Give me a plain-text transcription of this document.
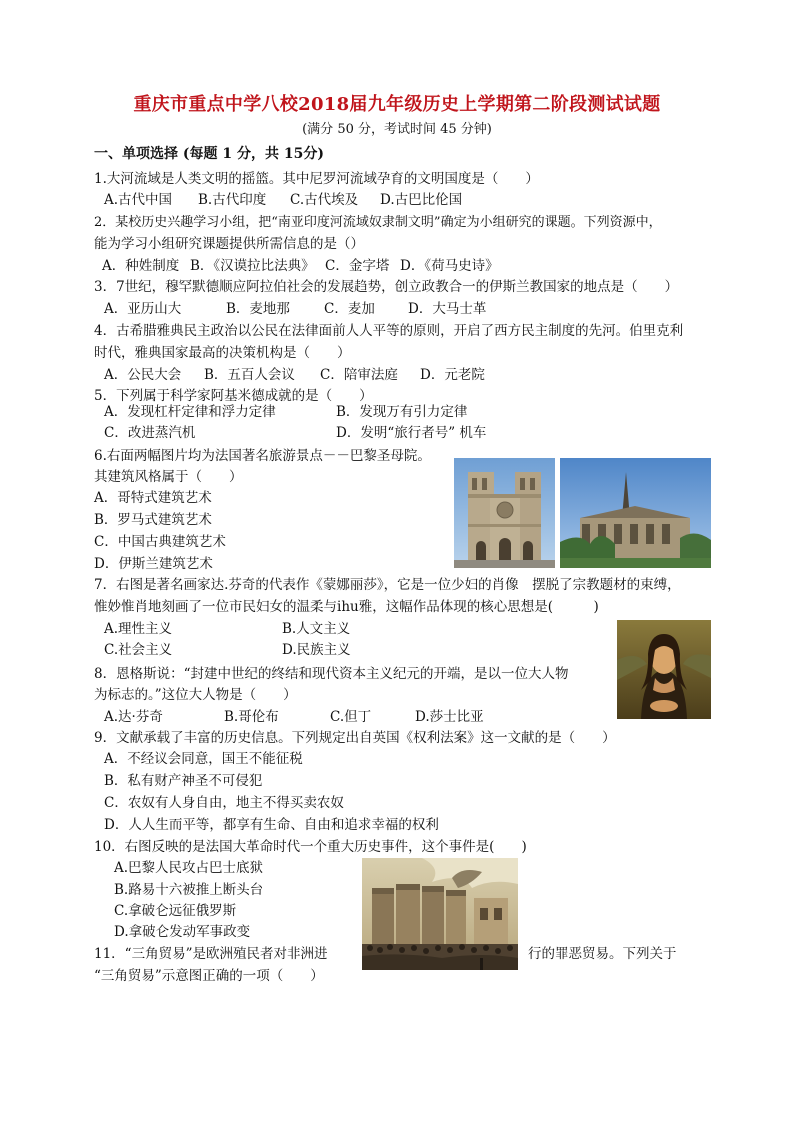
重庆市重点中学八校2018届九年级历史上学期第二阶段测试试题
(满分 50 分，考试时间 45 分钟)
一、单项选择 (每题 1 分，共 15分)
1.大河流域是人类文明的摇篮。其中尼罗河流域孕育的文明国度是（　　）
A.古代中国 B.古代印度 C.古代埃及 D.古巴比伦国
2．某校历史兴趣学习小组，把“南亚印度河流域奴隶制文明”确定为小组研究的课题。下列资源中，
能为学习小组研究课题提供所需信息的是（）
A．种姓制度 B．《汉谟拉比法典》 C．金字塔 D．《荷马史诗》
3．7世纪，穆罕默德顺应阿拉伯社会的发展趋势，创立政教合一的伊斯兰教国家的地点是（　　）
A．亚历山大	B．麦地那	C．麦加 D．大马士革
4．古希腊雅典民主政治以公民在法律面前人人平等的原则，开启了西方民主制度的先河。伯里克利
时代，雅典国家最高的决策机构是（　　）
A．公民大会 B．五百人会议 C．陪审法庭 D．元老院
5．下列属于科学家阿基米德成就的是（　　）
A．发现杠杆定律和浮力定律	B．发现万有引力定律
C．改进蒸汽机	D．发明“旅行者号” 机车
6.右面两幅图片均为法国著名旅游景点－－巴黎圣母院。
其建筑风格属于（　　）
A．哥特式建筑艺术
B．罗马式建筑艺术
C．中国古典建筑艺术
D．伊斯兰建筑艺术
7．右图是著名画家达.芬奇的代表作《蒙娜丽莎》，它是一位少妇的肖像　摆脱了宗教题材的束缚，
惟妙惟肖地刻画了一位市民妇女的温柔与ihu雅，这幅作品体现的核心思想是(　　　)
A.理性主义	B.人文主义
C.社会主义	D.民族主义
8．恩格斯说：“封建中世纪的终结和现代资本主义纪元的开端，是以一位大人物
为标志的。”这位大人物是（　　）
A.达·芬奇	B.哥伦布	C.但丁	D.莎士比亚
9．文献承载了丰富的历史信息。下列规定出自英国《权利法案》这一文献的是（　　）
A．不经议会同意，国王不能征税
B．私有财产神圣不可侵犯
C．农奴有人身自由，地主不得买卖农奴
D．人人生而平等，都享有生命、自由和追求幸福的权利
10．右图反映的是法国大革命时代一个重大历史事件，这个事件是(　　)
A.巴黎人民攻占巴士底狱
B.路易十六被推上断头台
C.拿破仑远征俄罗斯
D.拿破仑发动军事政变
11．“三角贸易”是欧洲殖民者对非洲进	行的罪恶贸易。下列关于
“三角贸易”示意图正确的一项（　　）
